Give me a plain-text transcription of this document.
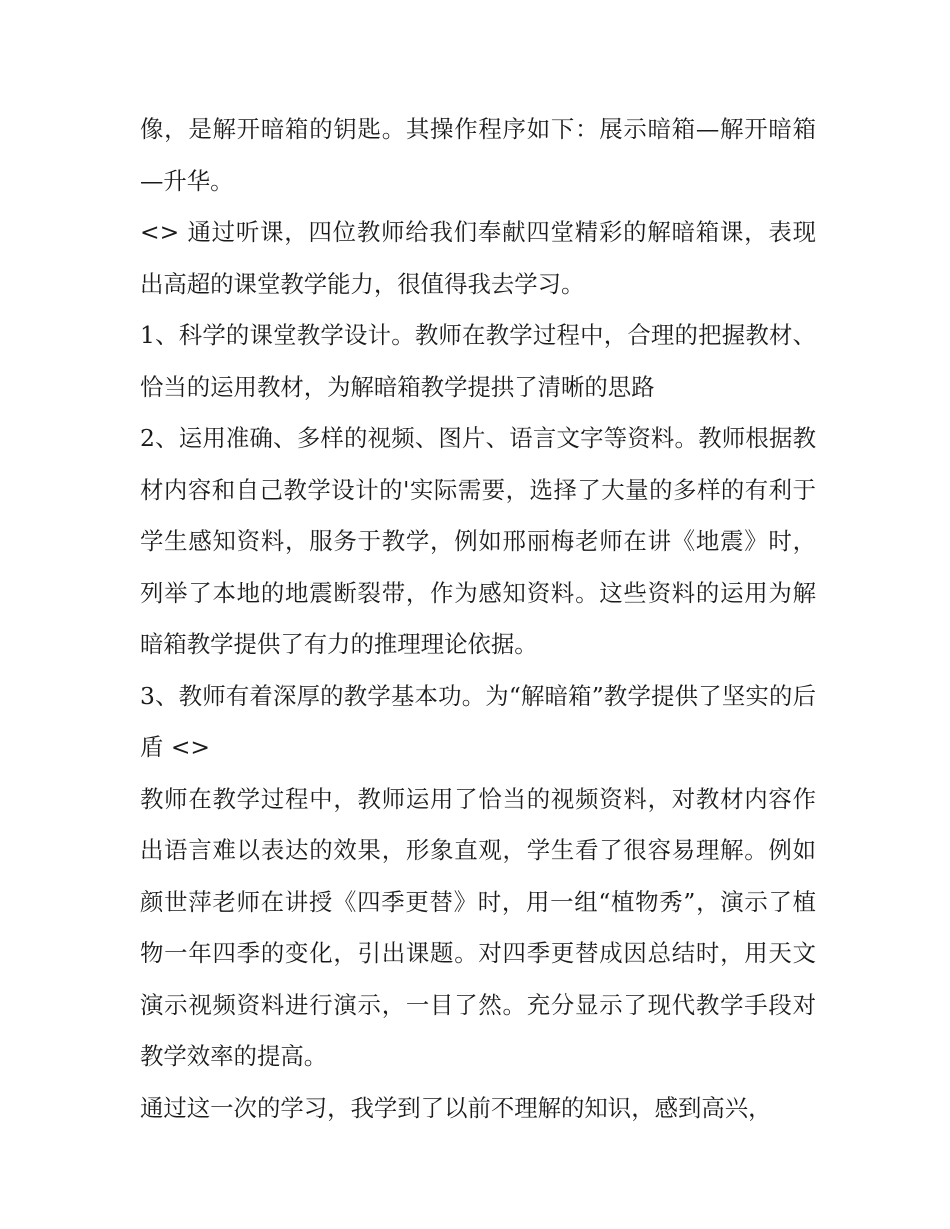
像，是解开暗箱的钥匙。其操作程序如下：展示暗箱—解开暗箱—升华。

<> 通过听课，四位教师给我们奉献四堂精彩的解暗箱课，表现出高超的课堂教学能力，很值得我去学习。

1、科学的课堂教学设计。教师在教学过程中，合理的把握教材、恰当的运用教材，为解暗箱教学提拱了清晰的思路

2、运用准确、多样的视频、图片、语言文字等资料。教师根据教材内容和自己教学设计的'实际需要，选择了大量的多样的有利于学生感知资料，服务于教学，例如邢丽梅老师在讲《地震》时，列举了本地的地震断裂带，作为感知资料。这些资料的运用为解暗箱教学提供了有力的推理理论依据。

3、教师有着深厚的教学基本功。为“解暗箱”教学提供了坚实的后盾 <>

教师在教学过程中，教师运用了恰当的视频资料，对教材内容作出语言难以表达的效果，形象直观，学生看了很容易理解。例如颜世萍老师在讲授《四季更替》时，用一组“植物秀”，演示了植物一年四季的变化，引出课题。对四季更替成因总结时，用天文演示视频资料进行演示，一目了然。充分显示了现代教学手段对教学效率的提高。

通过这一次的学习，我学到了以前不理解的知识，感到高兴，
